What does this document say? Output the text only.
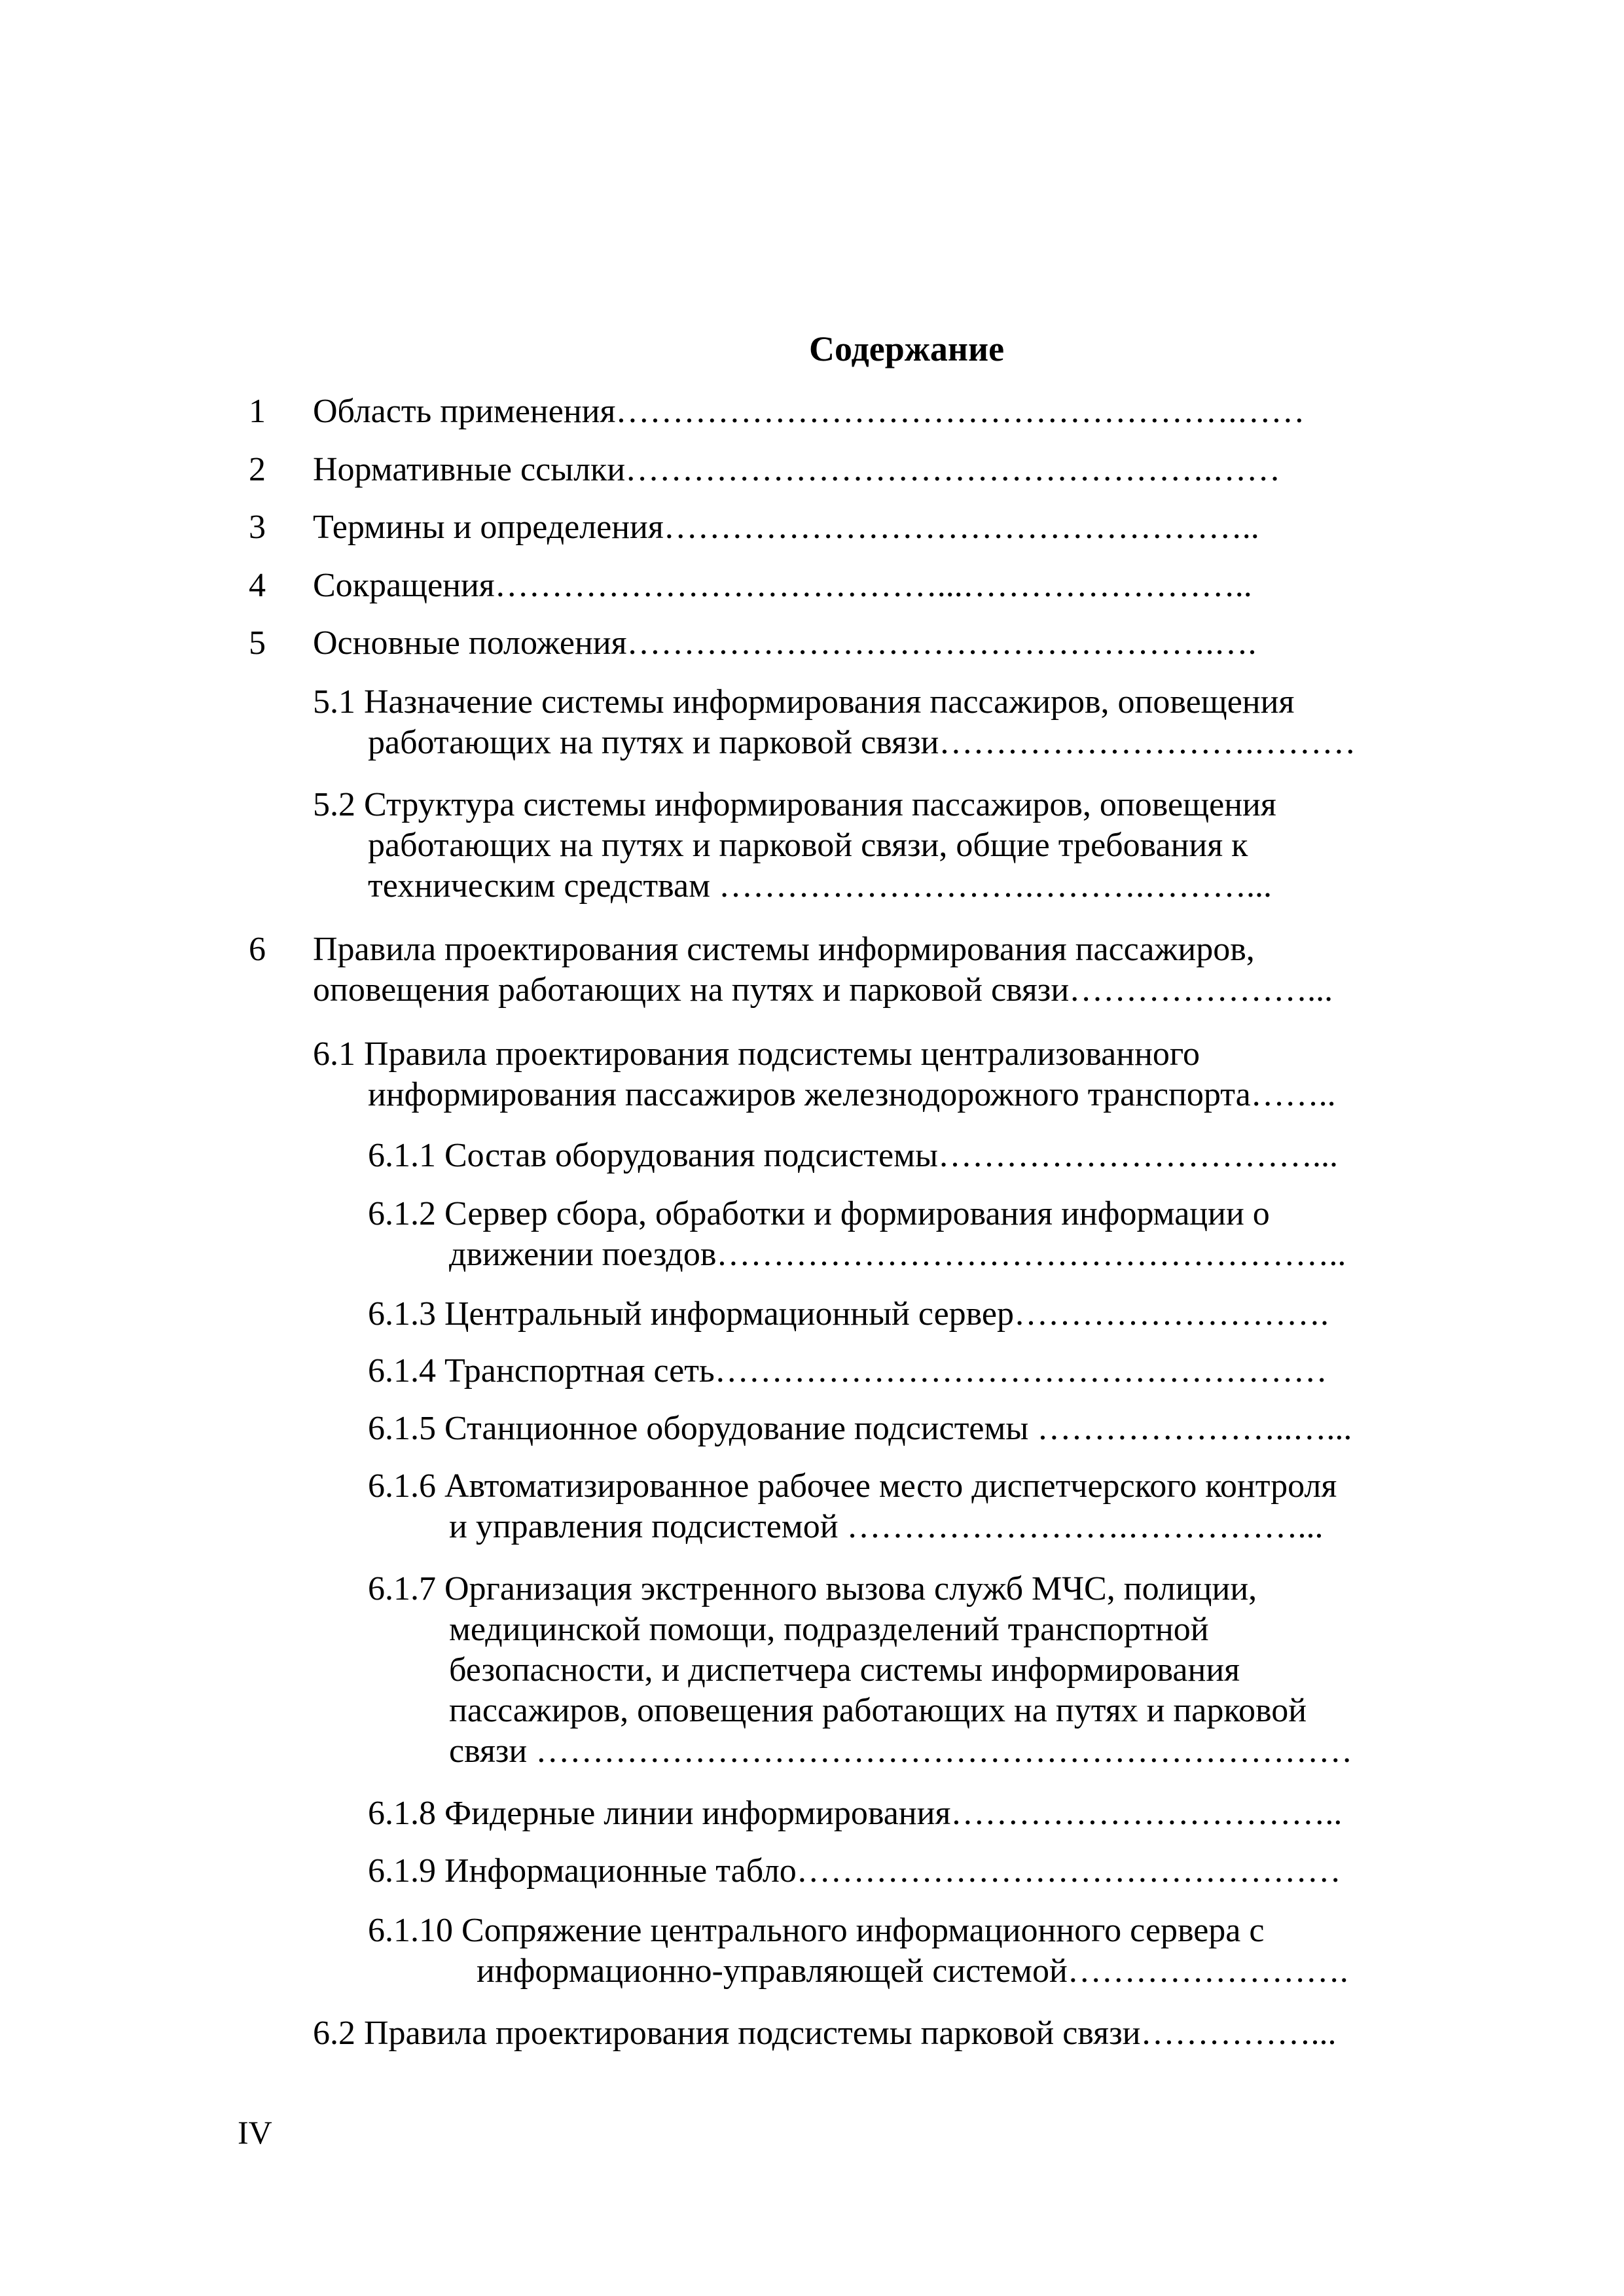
Содержание
1	Область применения……………………………………………….……
2	Нормативные ссылки…………………………………………….……
3	Термины и определения……………………………………………..
4	Сокращения…………………………………...……………………..
5	Основные положения…………………………………………….….
5.1 Назначение системы информирования пассажиров, оповещения
работающих на путях и парковой связи……………………….………
5.2 Структура системы информирования пассажиров, оповещения
работающих на путях и парковой связи, общие требования к
техническим средствам ……………………….……….………...
6	Правила проектирования системы информирования пассажиров,
оповещения работающих на путях и парковой связи…………………...
6.1 Правила проектирования подсистемы централизованного
информирования пассажиров железнодорожного транспорта……..
6.1.1 Состав оборудования подсистемы……………………………...
6.1.2 Сервер сбора, обработки и формирования информации о
движении поездов………………………………………………..
6.1.3 Центральный информационный сервер……………………….
6.1.4 Транспортная сеть………………………………………………
6.1.5 Станционное оборудование подсистемы …………………..…...
6.1.6 Автоматизированное рабочее место диспетчерского контроля
и управления подсистемой …………………….……………...
6.1.7 Организация экстренного вызова служб МЧС, полиции,
медицинской помощи, подразделений транспортной
безопасности, и диспетчера системы информирования
пассажиров, оповещения работающих на путях и парковой
связи ………………………………………………………………
6.1.8 Фидерные линии информирования……………………………..
6.1.9 Информационные табло…………………………………………
6.1.10 Сопряжение центрального информационного сервера с
информационно-управляющей системой…………………….
6.2 Правила проектирования подсистемы парковой связи……………...
IV
